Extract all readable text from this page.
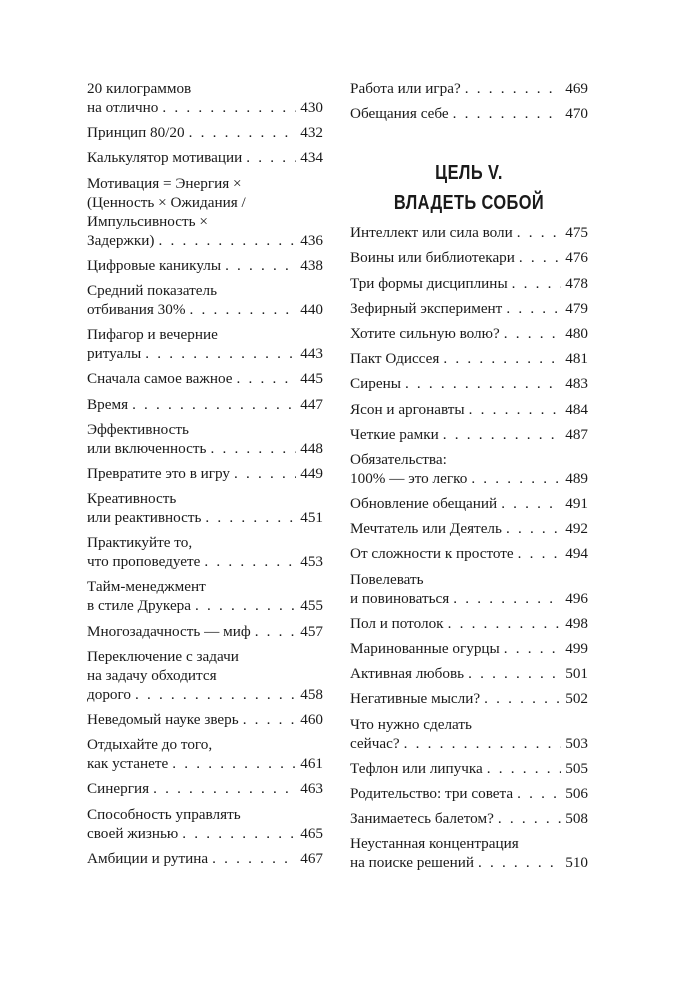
20 килограммов
на отлично . . .	430
Принцип 80/20 . . .	432
Калькулятор мотивации . . .	434
Мотивация = Энергия ×
(Ценность × Ожидания /
Импульсивность ×
Задержки) . . .	436
Цифровые каникулы . . .	438
Средний показатель
отбивания 30% . . .	440
Пифагор и вечерние
ритуалы . . .	443
Сначала самое важное . . .	445
Время . . .	447
Эффективность
или включенность . . .	448
Превратите это в игру . . .	449
Креативность
или реактивность . . .	451
Практикуйте то,
что проповедуете . . .	453
Тайм-менеджмент
в стиле Друкера . . .	455
Многозадачность — миф . . .	457
Переключение с задачи
на задачу обходится
дорого . . .	458
Неведомый науке зверь . . .	460
Отдыхайте до того,
как устанете . . .	461
Синергия . . .	463
Способность управлять
своей жизнью . . .	465
Амбиции и рутина . . .	467
Работа или игра? . . .	469
Обещания себе . . .	470
ЦЕЛЬ V.
ВЛАДЕТЬ СОБОЙ
Интеллект или сила воли . . .	475
Воины или библиотекари . . .	476
Три формы дисциплины . . .	478
Зефирный эксперимент . . .	479
Хотите сильную волю? . . .	480
Пакт Одиссея . . .	481
Сирены . . .	483
Ясон и аргонавты . . .	484
Четкие рамки . . .	487
Обязательства:
100% — это легко . . .	489
Обновление обещаний . . .	491
Мечтатель или Деятель . . .	492
От сложности к простоте . . .	494
Повелевать
и повиноваться . . .	496
Пол и потолок . . .	498
Маринованные огурцы . . .	499
Активная любовь . . .	501
Негативные мысли? . . .	502
Что нужно сделать
сейчас? . . .	503
Тефлон или липучка . . .	505
Родительство: три совета . . .	506
Занимаетесь балетом? . . .	508
Неустанная концентрация
на поиске решений . . .	510
